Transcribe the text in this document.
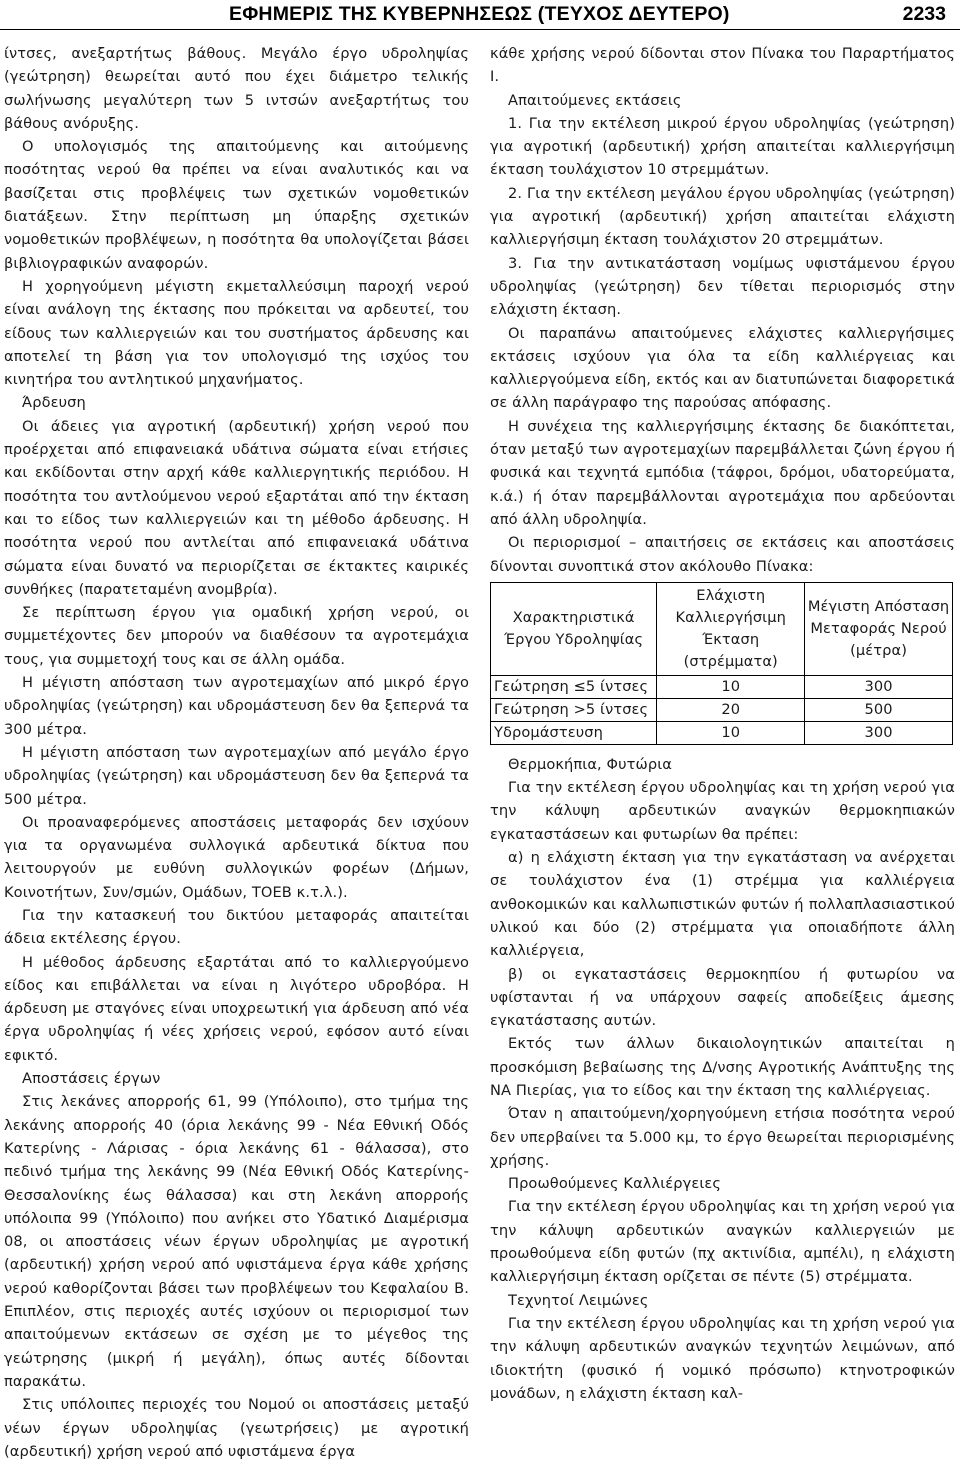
ΕΦΗΜΕΡΙΣ ΤΗΣ ΚΥΒΕΡΝΗΣΕΩΣ (ΤΕΥΧΟΣ ΔΕΥΤΕΡΟ)	2233

ίντσες, ανεξαρτήτως βάθους. Μεγάλο έργο υδροληψίας (γεώτρηση) θεωρείται αυτό που έχει διάμετρο τελικής σωλήνωσης μεγαλύτερη των 5 ιντσών ανεξαρτήτως του βάθους ανόρυξης.

Ο υπολογισμός της απαιτούμενης και αιτούμενης ποσότητας νερού θα πρέπει να είναι αναλυτικός και να βασίζεται στις προβλέψεις των σχετικών νομοθετικών διατάξεων. Στην περίπτωση μη ύπαρξης σχετικών νομοθετικών προβλέψεων, η ποσότητα θα υπολογίζεται βάσει βιβλιογραφικών αναφορών.

Η χορηγούμενη μέγιστη εκμεταλλεύσιμη παροχή νερού είναι ανάλογη της έκτασης που πρόκειται να αρδευτεί, του είδους των καλλιεργειών και του συστήματος άρδευσης και αποτελεί τη βάση για τον υπολογισμό της ισχύος του κινητήρα του αντλητικού μηχανήματος.

Άρδευση

Οι άδειες για αγροτική (αρδευτική) χρήση νερού που προέρχεται από επιφανειακά υδάτινα σώματα είναι ετήσιες και εκδίδονται στην αρχή κάθε καλλιεργητικής περιόδου. Η ποσότητα του αντλούμενου νερού εξαρτάται από την έκταση και το είδος των καλλιεργειών και τη μέθοδο άρδευσης. Η ποσότητα νερού που αντλείται από επιφανειακά υδάτινα σώματα είναι δυνατό να περιορίζεται σε έκτακτες καιρικές συνθήκες (παρατεταμένη ανομβρία).

Σε περίπτωση έργου για ομαδική χρήση νερού, οι συμμετέχοντες δεν μπορούν να διαθέσουν τα αγροτεμάχια τους, για συμμετοχή τους και σε άλλη ομάδα.

Η μέγιστη απόσταση των αγροτεμαχίων από μικρό έργο υδροληψίας (γεώτρηση) και υδρομάστευση δεν θα ξεπερνά τα 300 μέτρα.

Η μέγιστη απόσταση των αγροτεμαχίων από μεγάλο έργο υδροληψίας (γεώτρηση) και υδρομάστευση δεν θα ξεπερνά τα 500 μέτρα.

Οι προαναφερόμενες αποστάσεις μεταφοράς δεν ισχύουν για τα οργανωμένα συλλογικά αρδευτικά δίκτυα που λειτουργούν με ευθύνη συλλογικών φορέων (Δήμων, Κοινοτήτων, Συν/σμών, Ομάδων, ΤΟΕΒ κ.τ.λ.).

Για την κατασκευή του δικτύου μεταφοράς απαιτείται άδεια εκτέλεσης έργου.

Η μέθοδος άρδευσης εξαρτάται από το καλλιεργούμενο είδος και επιβάλλεται να είναι η λιγότερο υδροβόρα. Η άρδευση με σταγόνες είναι υποχρεωτική για άρδευση από νέα έργα υδροληψίας ή νέες χρήσεις νερού, εφόσον αυτό είναι εφικτό.

Αποστάσεις έργων

Στις λεκάνες απορροής 61, 99 (Υπόλοιπο), στο τμήμα της λεκάνης απορροής 40 (όρια λεκάνης 99 - Νέα Εθνική Οδός Κατερίνης - Λάρισας - όρια λεκάνης 61 - θάλασσα), στο πεδινό τμήμα της λεκάνης 99 (Νέα Εθνική Οδός Κατερίνης-Θεσσαλονίκης έως θάλασσα) και στη λεκάνη απορροής υπόλοιπα 99 (Υπόλοιπο) που ανήκει στο Υδατικό Διαμέρισμα 08, οι αποστάσεις νέων έργων υδροληψίας με αγροτική (αρδευτική) χρήση νερού από υφιστάμενα έργα κάθε χρήσης νερού καθορίζονται βάσει των προβλέψεων του Κεφαλαίου Β. Επιπλέον, στις περιοχές αυτές ισχύουν οι περιορισμοί των απαιτούμενων εκτάσεων σε σχέση με το μέγεθος της γεώτρησης (μικρή ή μεγάλη), όπως αυτές δίδονται παρακάτω.

Στις υπόλοιπες περιοχές του Νομού οι αποστάσεις μεταξύ νέων έργων υδροληψίας (γεωτρήσεις) με αγροτική (αρδευτική) χρήση νερού από υφιστάμενα έργα

κάθε χρήσης νερού δίδονται στον Πίνακα του Παραρτήματος Ι.

Απαιτούμενες εκτάσεις

1. Για την εκτέλεση μικρού έργου υδροληψίας (γεώτρηση) για αγροτική (αρδευτική) χρήση απαιτείται καλλιεργήσιμη έκταση τουλάχιστον 10 στρεμμάτων.

2. Για την εκτέλεση μεγάλου έργου υδροληψίας (γεώτρηση) για αγροτική (αρδευτική) χρήση απαιτείται ελάχιστη καλλιεργήσιμη έκταση τουλάχιστον 20 στρεμμάτων.

3. Για την αντικατάσταση νομίμως υφιστάμενου έργου υδροληψίας (γεώτρηση) δεν τίθεται περιορισμός στην ελάχιστη έκταση.

Οι παραπάνω απαιτούμενες ελάχιστες καλλιεργήσιμες εκτάσεις ισχύουν για όλα τα είδη καλλιέργειας και καλλιεργούμενα είδη, εκτός και αν διατυπώνεται διαφορετικά σε άλλη παράγραφο της παρούσας απόφασης.

Η συνέχεια της καλλιεργήσιμης έκτασης δε διακόπτεται, όταν μεταξύ των αγροτεμαχίων παρεμβάλλεται ζώνη έργου ή φυσικά και τεχνητά εμπόδια (τάφροι, δρόμοι, υδατορεύματα, κ.ά.) ή όταν παρεμβάλλονται αγροτεμάχια που αρδεύονται από άλλη υδροληψία.

Οι περιορισμοί – απαιτήσεις σε εκτάσεις και αποστάσεις δίνονται συνοπτικά στον ακόλουθο Πίνακα:

Χαρακτηριστικά Έργου Υδροληψίας	Ελάχιστη Καλλιεργήσιμη Έκταση (στρέμματα)	Μέγιστη Απόσταση Μεταφοράς Νερού (μέτρα)
Γεώτρηση ≤5 ίντσες	10	300
Γεώτρηση >5 ίντσες	20	500
Υδρομάστευση	10	300

Θερμοκήπια, Φυτώρια

Για την εκτέλεση έργου υδροληψίας και τη χρήση νερού για την κάλυψη αρδευτικών αναγκών θερμοκηπιακών εγκαταστάσεων και φυτωρίων θα πρέπει:

α) η ελάχιστη έκταση για την εγκατάσταση να ανέρχεται σε τουλάχιστον ένα (1) στρέμμα για καλλιέργεια ανθοκομικών και καλλωπιστικών φυτών ή πολλαπλασιαστικού υλικού και δύο (2) στρέμματα για οποιαδήποτε άλλη καλλιέργεια,

β) οι εγκαταστάσεις θερμοκηπίου ή φυτωρίου να υφίστανται ή να υπάρχουν σαφείς αποδείξεις άμεσης εγκατάστασης αυτών.

Εκτός των άλλων δικαιολογητικών απαιτείται η προσκόμιση βεβαίωσης της Δ/νσης Αγροτικής Ανάπτυξης της ΝΑ Πιερίας, για το είδος και την έκταση της καλλιέργειας.

Όταν η απαιτούμενη/χορηγούμενη ετήσια ποσότητα νερού δεν υπερβαίνει τα 5.000 κμ, το έργο θεωρείται περιορισμένης χρήσης.

Προωθούμενες Καλλιέργειες

Για την εκτέλεση έργου υδροληψίας και τη χρήση νερού για την κάλυψη αρδευτικών αναγκών καλλιεργειών με προωθούμενα είδη φυτών (πχ ακτινίδια, αμπέλι), η ελάχιστη καλλιεργήσιμη έκταση ορίζεται σε πέντε (5) στρέμματα.

Τεχνητοί Λειμώνες

Για την εκτέλεση έργου υδροληψίας και τη χρήση νερού για την κάλυψη αρδευτικών αναγκών τεχνητών λειμώνων, από ιδιοκτήτη (φυσικό ή νομικό πρόσωπο) κτηνοτροφικών μονάδων, η ελάχιστη έκταση καλ-
